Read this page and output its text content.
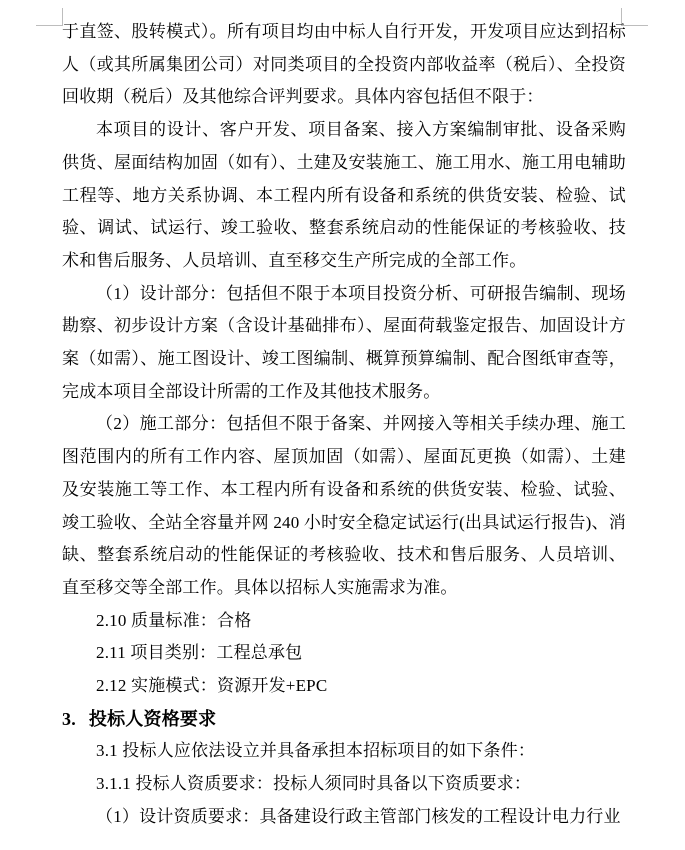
于直签、股转模式）。所有项目均由中标人自行开发，开发项目应达到招标人（或其所属集团公司）对同类项目的全投资内部收益率（税后）、全投资回收期（税后）及其他综合评判要求。具体内容包括但不限于：

本项目的设计、客户开发、项目备案、接入方案编制审批、设备采购供货、屋面结构加固（如有）、土建及安装施工、施工用水、施工用电辅助工程等、地方关系协调、本工程内所有设备和系统的供货安装、检验、试验、调试、试运行、竣工验收、整套系统启动的性能保证的考核验收、技术和售后服务、人员培训、直至移交生产所完成的全部工作。

（1）设计部分：包括但不限于本项目投资分析、可研报告编制、现场勘察、初步设计方案（含设计基础排布）、屋面荷载鉴定报告、加固设计方案（如需）、施工图设计、竣工图编制、概算预算编制、配合图纸审查等，完成本项目全部设计所需的工作及其他技术服务。

（2）施工部分：包括但不限于备案、并网接入等相关手续办理、施工图范围内的所有工作内容、屋顶加固（如需）、屋面瓦更换（如需）、土建及安装施工等工作、本工程内所有设备和系统的供货安装、检验、试验、竣工验收、全站全容量并网 240 小时安全稳定试运行(出具试运行报告)、消缺、整套系统启动的性能保证的考核验收、技术和售后服务、人员培训、直至移交等全部工作。具体以招标人实施需求为准。

2.10 质量标准：合格

2.11 项目类别：工程总承包

2.12 实施模式：资源开发+EPC

3. 投标人资格要求

3.1 投标人应依法设立并具备承担本招标项目的如下条件：

3.1.1 投标人资质要求：投标人须同时具备以下资质要求：

（1）设计资质要求：具备建设行政主管部门核发的工程设计电力行业
